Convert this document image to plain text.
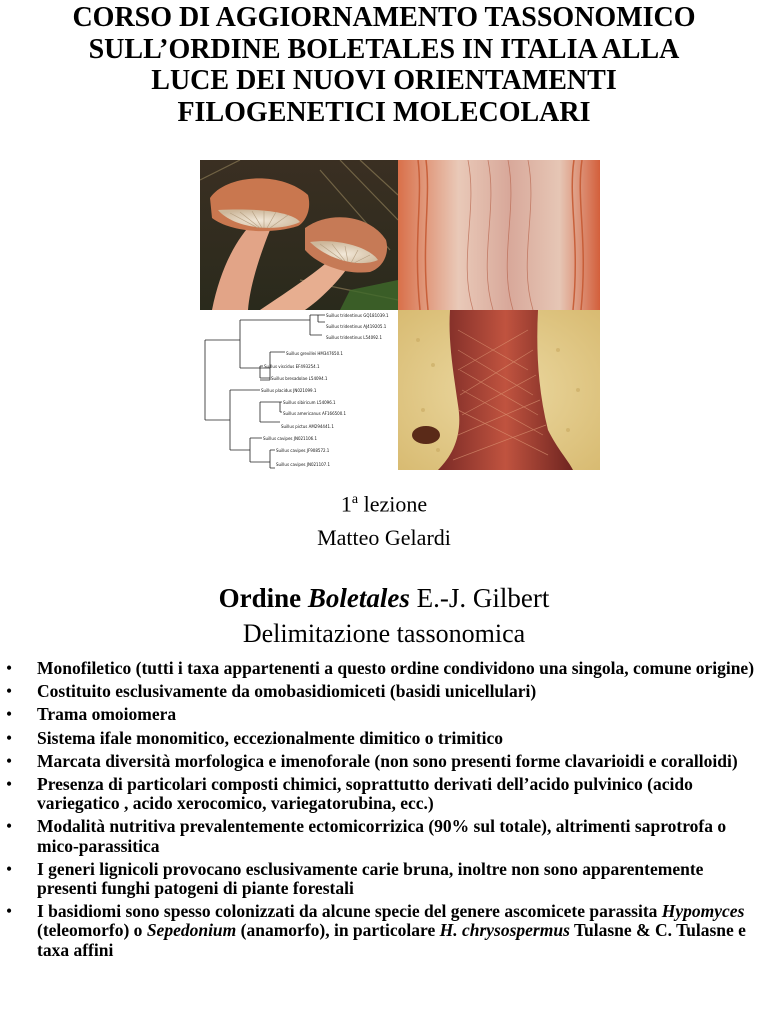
CORSO DI AGGIORNAMENTO TASSONOMICO
SULL’ORDINE BOLETALES IN ITALIA ALLA
LUCE DEI NUOVI ORIENTAMENTI
FILOGENETICI MOLECOLARI
Suillus tridentinus GQ181039.1
Suillus tridentinus AJ419205.1
Suillus tridentinus L54092.1
Suillus grevillei HM347650.1
Suillus viscidus EF493254.1
Suillus bresadolae L54094.1
Suillus placidus JN021099.1
Suillus sibiricum L54096.1
Suillus americanus AF166500.1
Suillus pictus AM294441.1
Suillus cavipes JN021106.1
Suillus cavipes JF908572.1
Suillus cavipes JN021107.1
1$^a$ lezione
Matteo Gelardi
Ordine Boletales E.-J. Gilbert
Delimitazione tassonomica
• Monofiletico (tutti i taxa appartenenti a questo ordine condividono una singola, comune origine)
• Costituito esclusivamente da omobasidiomiceti (basidi unicellulari)
• Trama omoiomera
• Sistema ifale monomitico, eccezionalmente dimitico o trimitico
• Marcata diversità morfologica e imenoforale (non sono presenti forme clavarioidi e coralloidi)
• Presenza di particolari composti chimici, soprattutto derivati dell’acido pulvinico (acido variegatico , acido xerocomico, variegatorubina, ecc.)
• Modalità nutritiva prevalentemente ectomicorrizica (90% sul totale), altrimenti saprotrofa o mico-parassitica
• I generi lignicoli provocano esclusivamente carie bruna, inoltre non sono apparentemente presenti funghi patogeni di piante forestali
• I basidiomi sono spesso colonizzati da alcune specie del genere ascomicete parassita Hypomyces (teleomorfo) o Sepedonium (anamorfo), in particolare H. chrysospermus Tulasne & C. Tulasne e taxa affini
